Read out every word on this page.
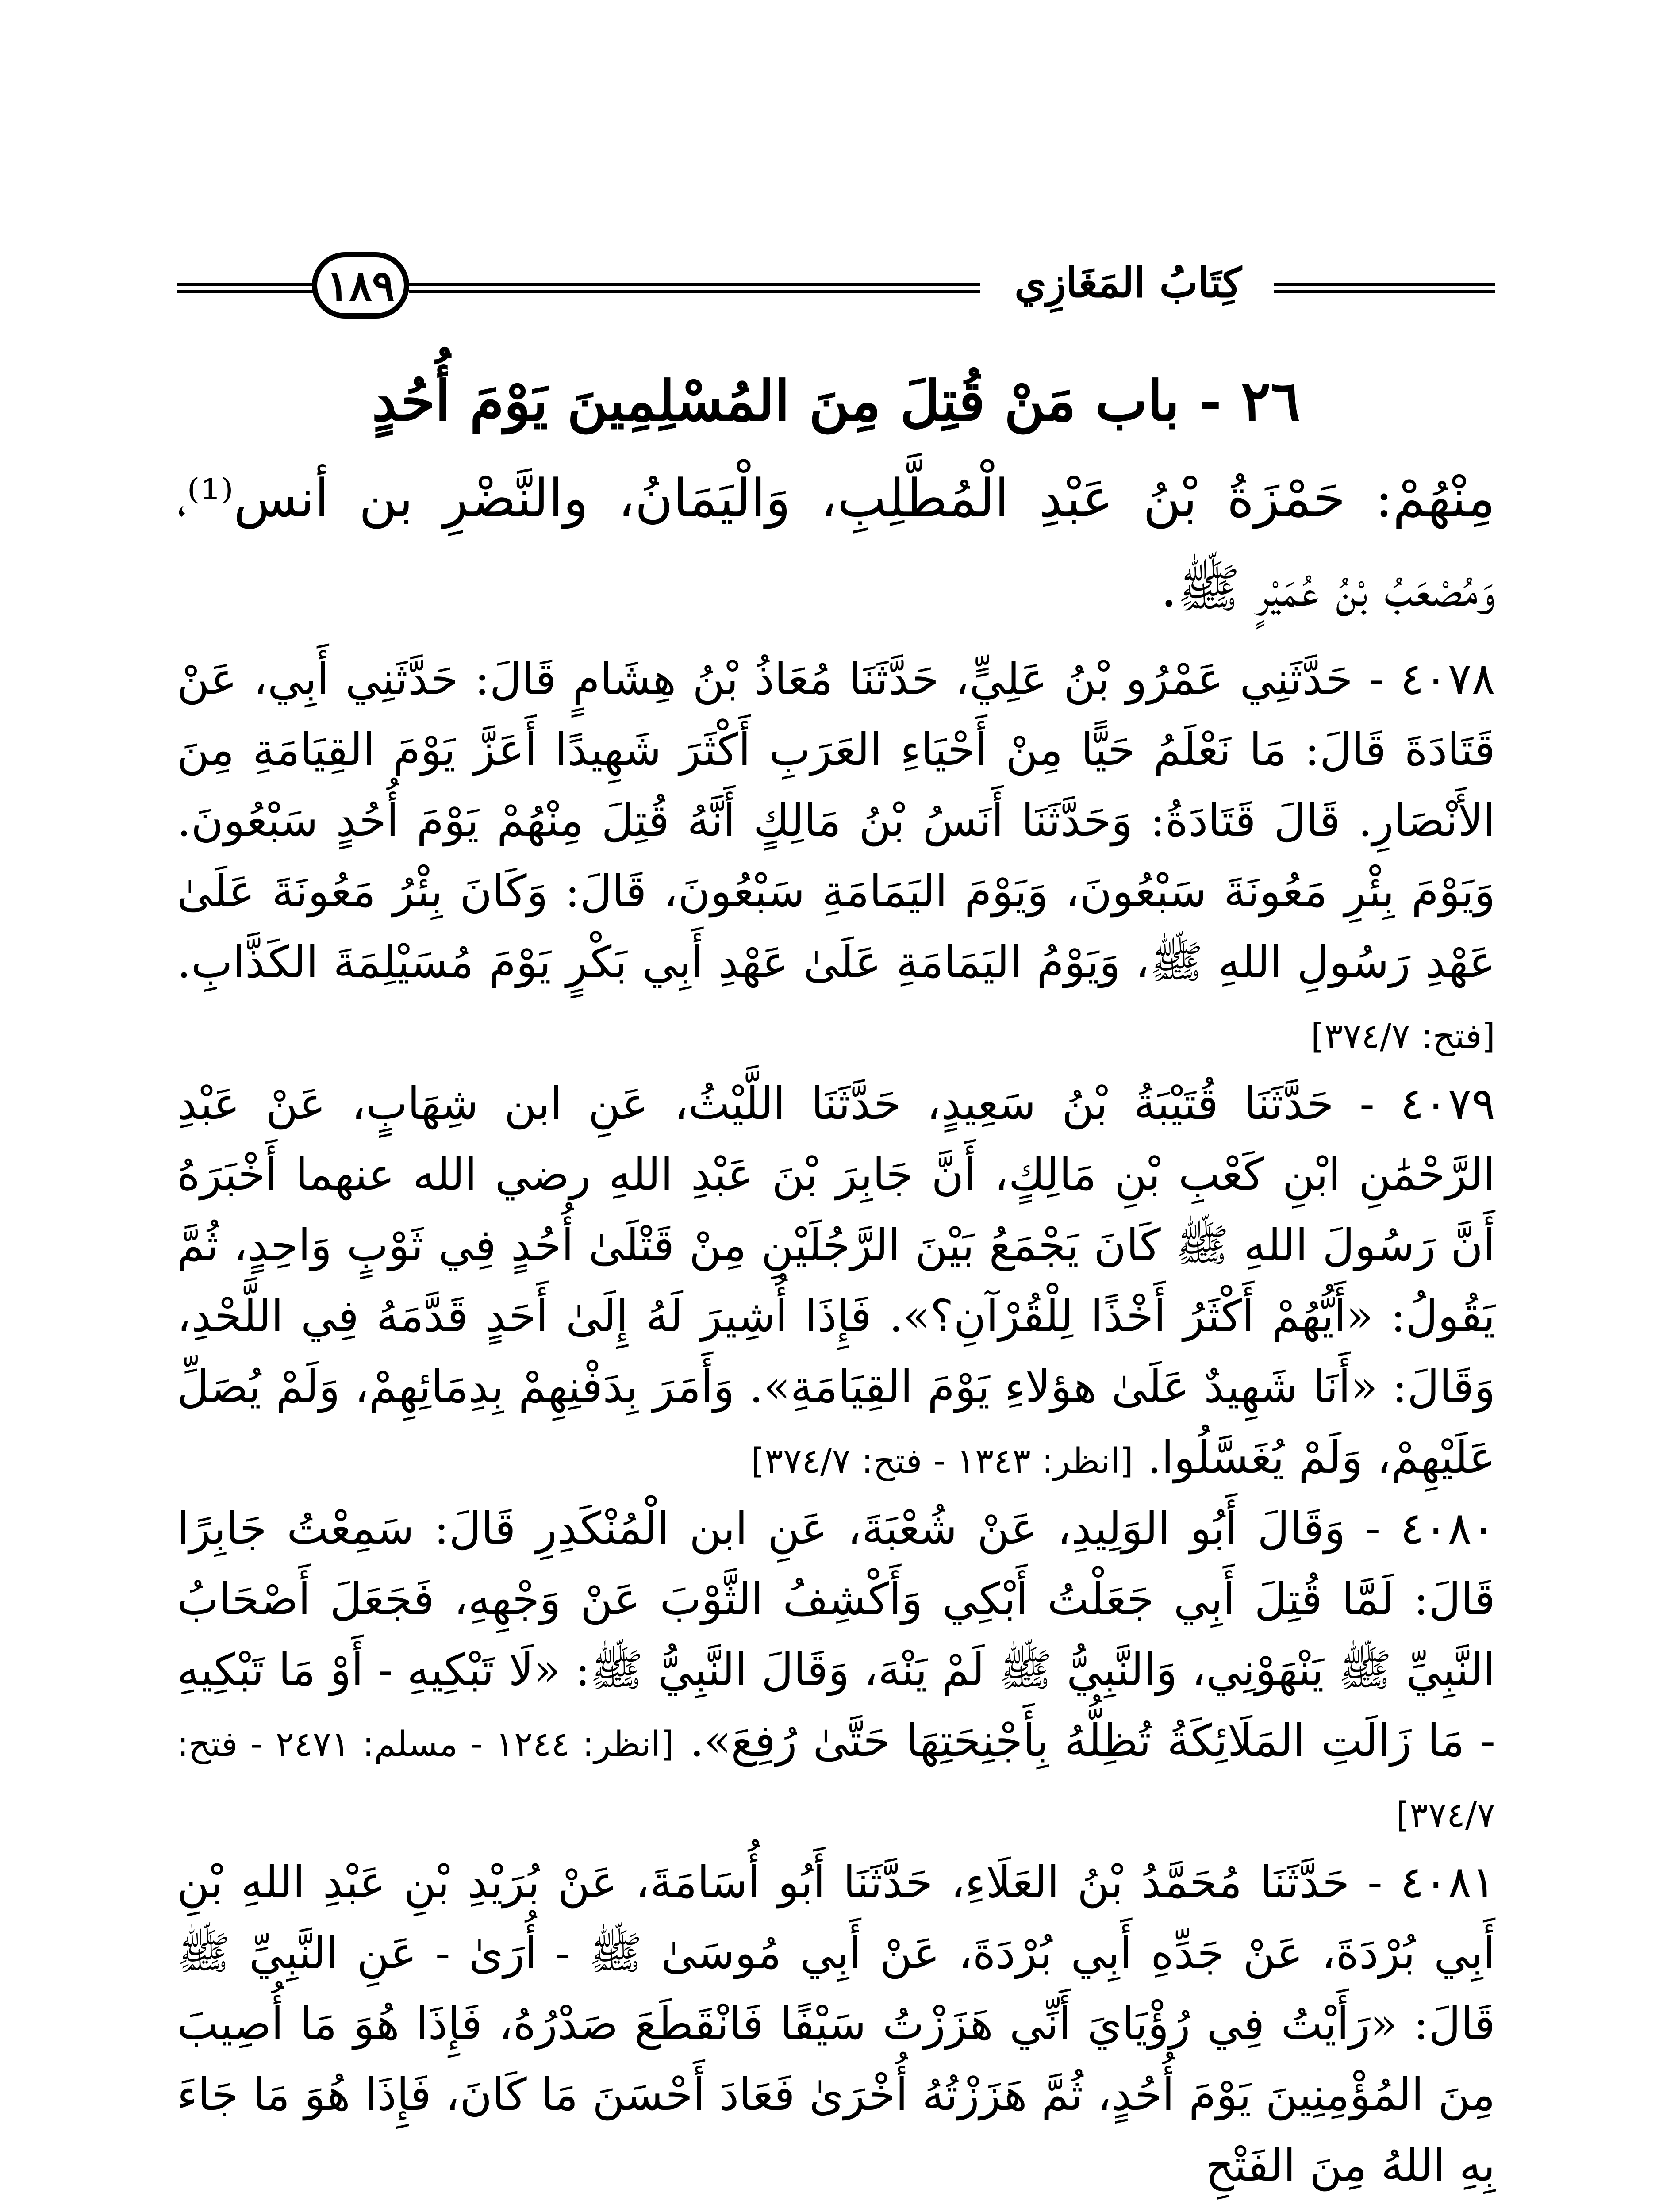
١٨٩	كِتَابُ المَغَازِي
٢٦ - باب مَنْ قُتِلَ مِنَ المُسْلِمِينَ يَوْمَ أُحُدٍ

مِنْهُمْ: حَمْزَةُ بْنُ عَبْدِ الْمُطَّلِبِ، وَالْيَمَانُ، والنَّضْرِ بن أنس⁽¹⁾، وَمُصْعَبُ بْنُ عُمَيْرٍ ﷺ.

٤٠٧٨ - حَدَّثَنِي عَمْرُو بْنُ عَلِيٍّ، حَدَّثَنَا مُعَاذُ بْنُ هِشَامٍ قَالَ: حَدَّثَنِي أَبِي، عَنْ قَتَادَةَ قَالَ: مَا نَعْلَمُ حَيًّا مِنْ أَحْيَاءِ العَرَبِ أَكْثَرَ شَهِيدًا أَعَزَّ يَوْمَ القِيَامَةِ مِنَ الأَنْصَارِ. قَالَ قَتَادَةُ: وَحَدَّثَنَا أَنَسُ بْنُ مَالِكٍ أَنَّهُ قُتِلَ مِنْهُمْ يَوْمَ أُحُدٍ سَبْعُونَ. وَيَوْمَ بِئْرِ مَعُونَةَ سَبْعُونَ، وَيَوْمَ اليَمَامَةِ سَبْعُونَ، قَالَ: وَكَانَ بِئْرُ مَعُونَةَ عَلَىٰ عَهْدِ رَسُولِ اللهِ ﷺ، وَيَوْمُ اليَمَامَةِ عَلَىٰ عَهْدِ أَبِي بَكْرٍ يَوْمَ مُسَيْلِمَةَ الكَذَّابِ. [فتح: ٣٧٤/٧]

٤٠٧٩ - حَدَّثَنَا قُتَيْبَةُ بْنُ سَعِيدٍ، حَدَّثَنَا اللَّيْثُ، عَنِ ابن شِهَابٍ، عَنْ عَبْدِ الرَّحْمَٰنِ ابْنِ كَعْبِ بْنِ مَالِكٍ، أَنَّ جَابِرَ بْنَ عَبْدِ اللهِ رضي الله عنهما أَخْبَرَهُ أَنَّ رَسُولَ اللهِ ﷺ كَانَ يَجْمَعُ بَيْنَ الرَّجُلَيْنِ مِنْ قَتْلَىٰ أُحُدٍ فِي ثَوْبٍ وَاحِدٍ، ثُمَّ يَقُولُ: «أَيُّهُمْ أَكْثَرُ أَخْذًا لِلْقُرْآنِ؟». فَإِذَا أُشِيرَ لَهُ إِلَىٰ أَحَدٍ قَدَّمَهُ فِي اللَّحْدِ، وَقَالَ: «أَنَا شَهِيدٌ عَلَىٰ هؤلاءِ يَوْمَ القِيَامَةِ». وَأَمَرَ بِدَفْنِهِمْ بِدِمَائِهِمْ، وَلَمْ يُصَلِّ عَلَيْهِمْ، وَلَمْ يُغَسَّلُوا. [انظر: ١٣٤٣ - فتح: ٣٧٤/٧]

٤٠٨٠ - وَقَالَ أَبُو الوَلِيدِ، عَنْ شُعْبَةَ، عَنِ ابن الْمُنْكَدِرِ قَالَ: سَمِعْتُ جَابِرًا قَالَ: لَمَّا قُتِلَ أَبِي جَعَلْتُ أَبْكِي وَأَكْشِفُ الثَّوْبَ عَنْ وَجْهِهِ، فَجَعَلَ أَصْحَابُ النَّبِيِّ ﷺ يَنْهَوْنِي، وَالنَّبِيُّ ﷺ لَمْ يَنْهَ، وَقَالَ النَّبِيُّ ﷺ: «لَا تَبْكِيهِ - أَوْ مَا تَبْكِيهِ - مَا زَالَتِ المَلَائِكَةُ تُظِلُّهُ بِأَجْنِحَتِهَا حَتَّىٰ رُفِعَ». [انظر: ١٢٤٤ - مسلم: ٢٤٧١ - فتح: ٣٧٤/٧]

٤٠٨١ - حَدَّثَنَا مُحَمَّدُ بْنُ العَلَاءِ، حَدَّثَنَا أَبُو أُسَامَةَ، عَنْ بُرَيْدِ بْنِ عَبْدِ اللهِ بْنِ أَبِي بُرْدَةَ، عَنْ جَدِّهِ أَبِي بُرْدَةَ، عَنْ أَبِي مُوسَىٰ ﷺ - أُرَىٰ - عَنِ النَّبِيِّ ﷺ قَالَ: «رَأَيْتُ فِي رُؤْيَايَ أَنِّي هَزَزْتُ سَيْفًا فَانْقَطَعَ صَدْرُهُ، فَإِذَا هُوَ مَا أُصِيبَ مِنَ المُؤْمِنِينَ يَوْمَ أُحُدٍ، ثُمَّ هَزَزْتُهُ أُخْرَىٰ فَعَادَ أَحْسَنَ مَا كَانَ، فَإِذَا هُوَ مَا جَاءَ بِهِ اللهُ مِنَ الفَتْحِ
